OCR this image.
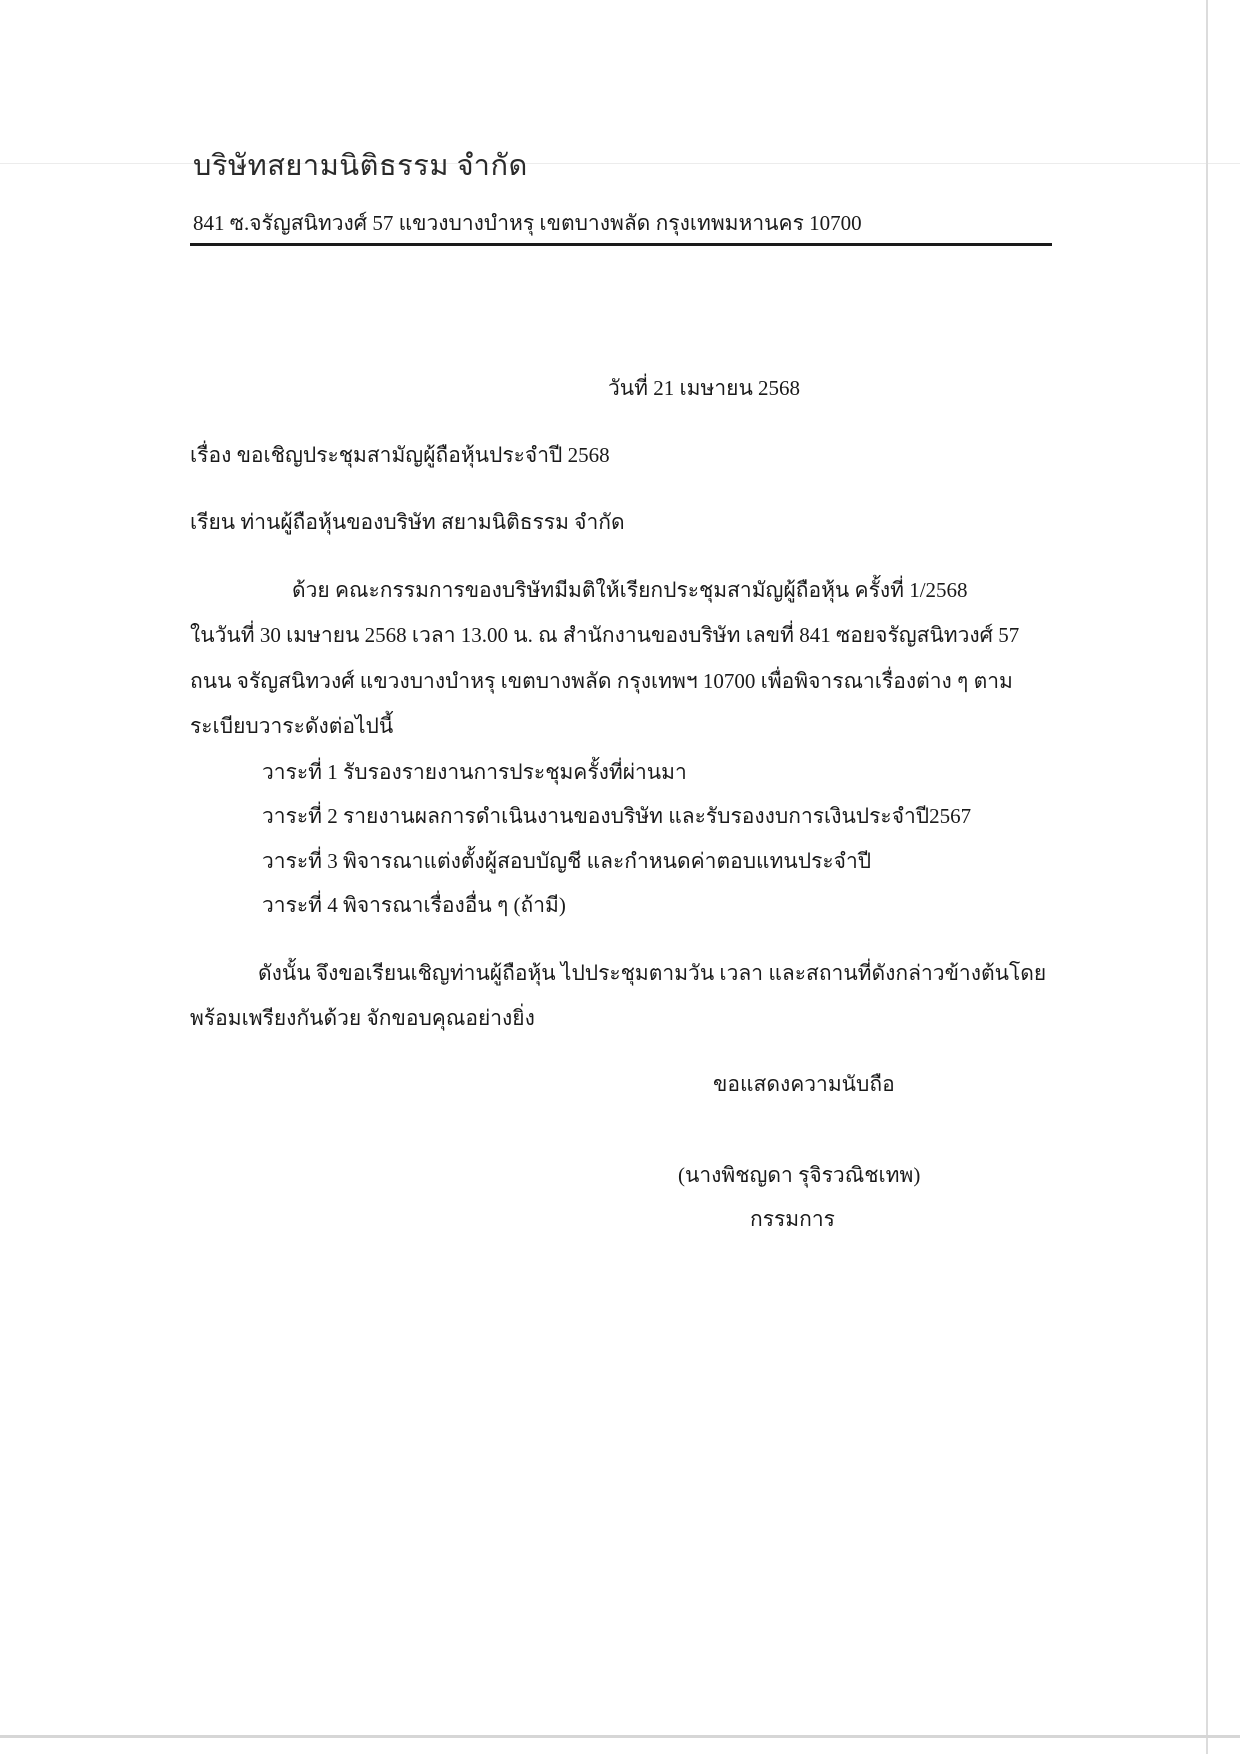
บริษัทสยามนิติธรรม จำกัด
841 ซ.จรัญสนิทวงศ์ 57 แขวงบางบำหรุ เขตบางพลัด กรุงเทพมหานคร 10700
วันที่ 21 เมษายน 2568
เรื่อง ขอเชิญประชุมสามัญผู้ถือหุ้นประจำปี 2568
เรียน ท่านผู้ถือหุ้นของบริษัท สยามนิติธรรม จำกัด
ด้วย คณะกรรมการของบริษัทมีมติให้เรียกประชุมสามัญผู้ถือหุ้น ครั้งที่ 1/2568
ในวันที่ 30 เมษายน 2568 เวลา 13.00 น. ณ สำนักงานของบริษัท เลขที่ 841 ซอยจรัญสนิทวงศ์ 57
ถนน จรัญสนิทวงศ์ แขวงบางบำหรุ เขตบางพลัด กรุงเทพฯ 10700 เพื่อพิจารณาเรื่องต่าง ๆ ตาม
ระเบียบวาระดังต่อไปนี้
วาระที่ 1 รับรองรายงานการประชุมครั้งที่ผ่านมา
วาระที่ 2 รายงานผลการดำเนินงานของบริษัท และรับรองงบการเงินประจำปี2567
วาระที่ 3 พิจารณาแต่งตั้งผู้สอบบัญชี และกำหนดค่าตอบแทนประจำปี
วาระที่ 4 พิจารณาเรื่องอื่น ๆ (ถ้ามี)
ดังนั้น จึงขอเรียนเชิญท่านผู้ถือหุ้น ไปประชุมตามวัน เวลา และสถานที่ดังกล่าวข้างต้นโดย
พร้อมเพรียงกันด้วย จักขอบคุณอย่างยิ่ง
ขอแสดงความนับถือ
(นางพิชญดา รุจิรวณิชเทพ)
กรรมการ
